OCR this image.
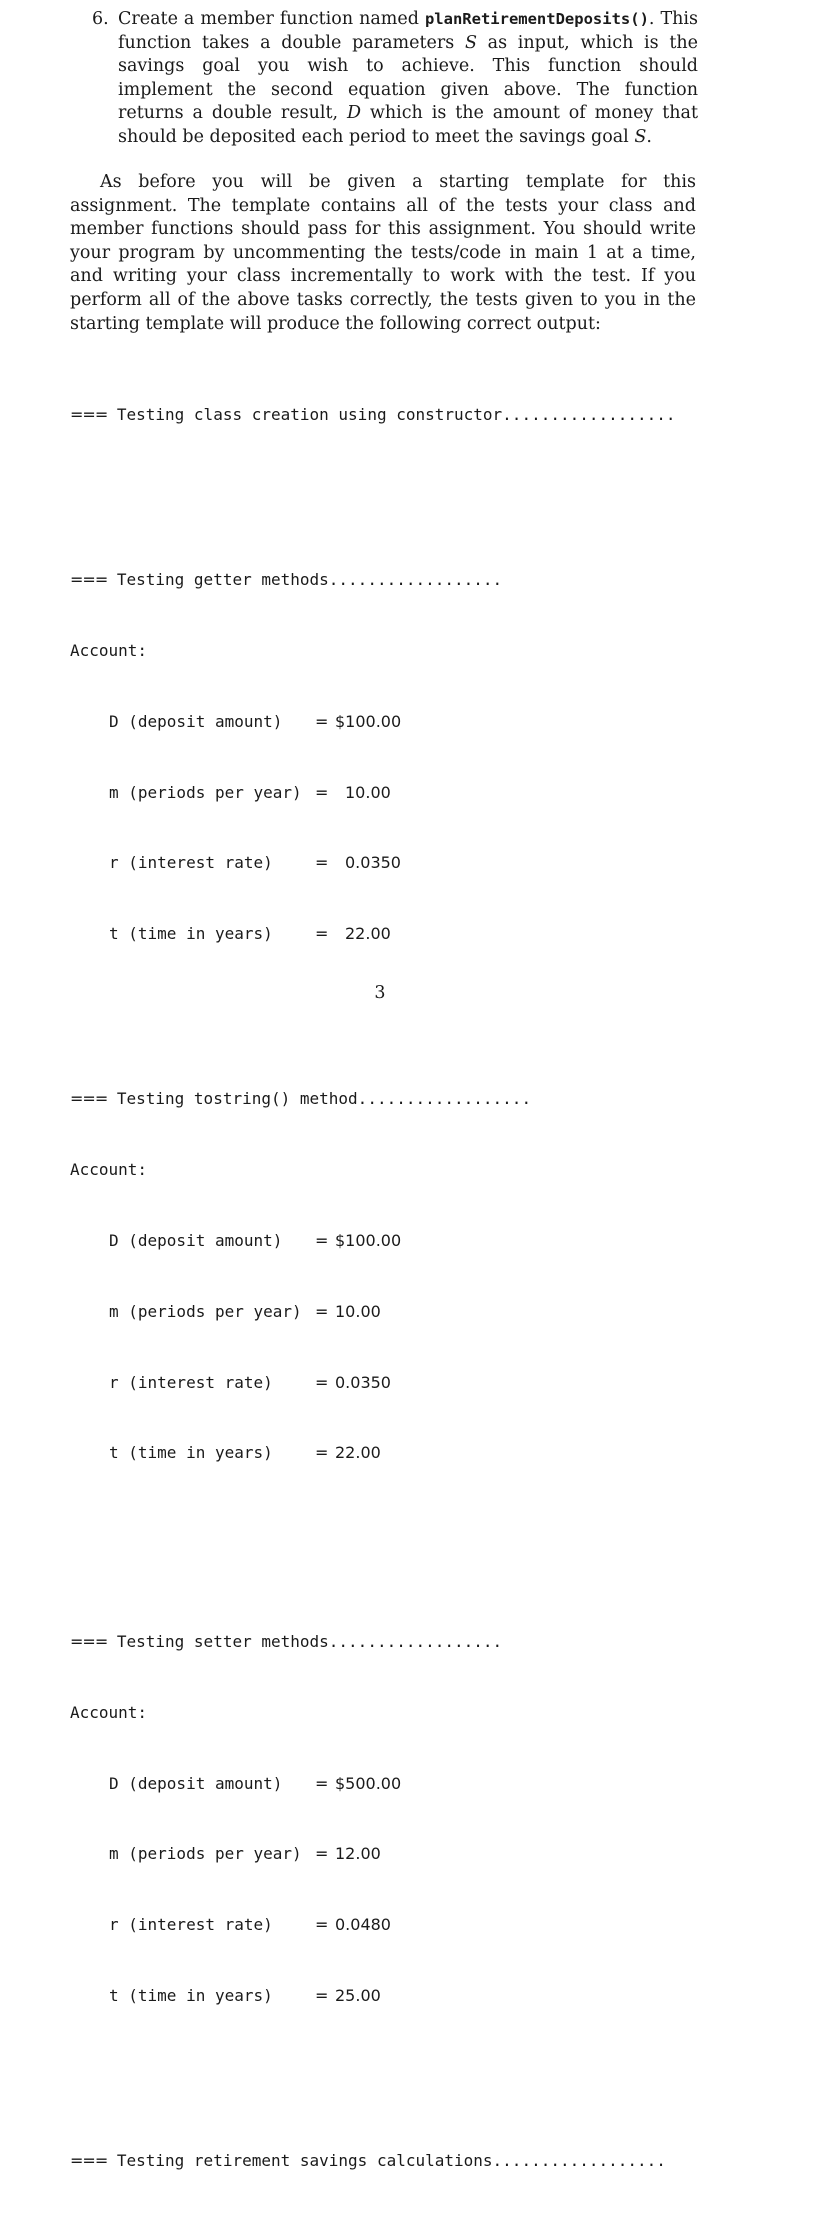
6. Create a member function named planRetirementDeposits(). This function takes a double parameters S as input, which is the savings goal you wish to achieve. This function should implement the second equation given above. The function returns a double result, D which is the amount of money that should be deposited each period to meet the savings goal S.
As before you will be given a starting template for this assignment. The template contains all of the tests your class and member functions should pass for this assignment. You should write your program by uncommenting the tests/code in main 1 at a time, and writing your class incrementally to work with the test. If you perform all of the above tasks correctly, the tests given to you in the starting template will produce the following correct output:

=== Testing class creation using constructor..................

=== Testing getter methods..................

Account:

D (deposit amount) = $100.00

m (periods per year) = 10.00

r (interest rate)	= 0.0350

t (time in years)	= 22.00

=== Testing tostring() method..................

Account:

D (deposit amount) = $100.00

m (periods per year) = 10.00

r (interest rate)	= 0.0350

t (time in years)	= 22.00

=== Testing setter methods..................

Account:

D (deposit amount) = $500.00

m (periods per year) = 12.00

r (interest rate)	= 0.0480

t (time in years)	= 25.00

=== Testing retirement savings calculations..................

3
